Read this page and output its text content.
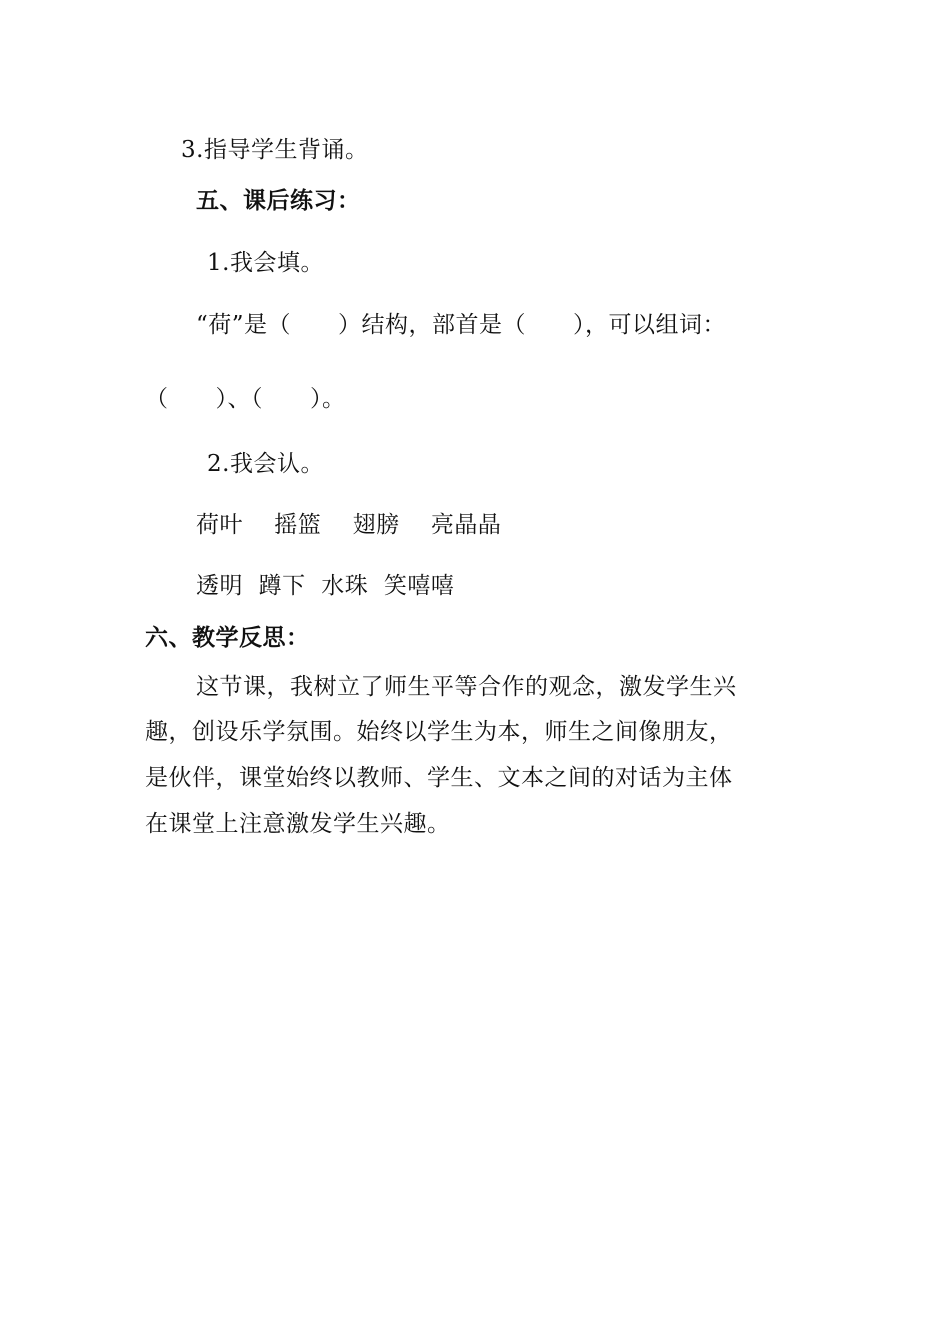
3.指导学生背诵。
五、课后练习：
1.我会填。
“荷”是（　　）结构，部首是（　　），可以组词：
（　　）、（　　）。
2.我会认。
荷叶　 摇篮　 翅膀　 亮晶晶
透明  蹲下  水珠  笑嘻嘻
六、教学反思：
这节课，我树立了师生平等合作的观念，激发学生兴
趣，创设乐学氛围。始终以学生为本，师生之间像朋友，
是伙伴，课堂始终以教师、学生、文本之间的对话为主体
在课堂上注意激发学生兴趣。
